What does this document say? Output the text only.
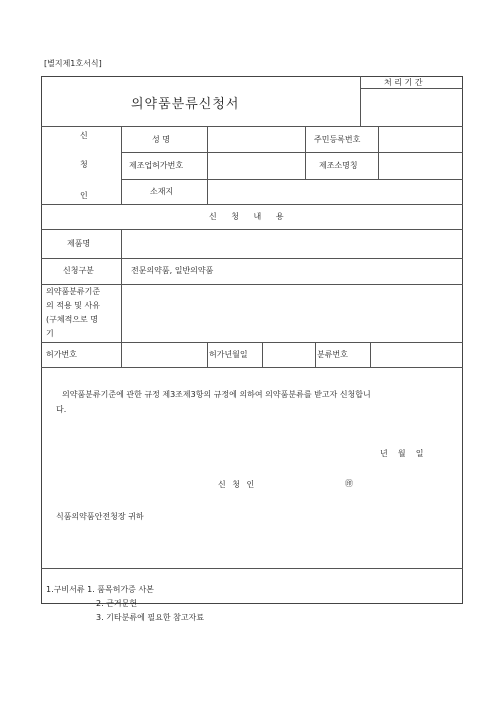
[별지제1호서식]
의약품분류신청서
처 리 기 간
신
청
인
성 명	주민등록번호
제조업허가번호	제조소명칭
소재지
신 청 내 용
제품명
신청구분	전문의약품, 일반의약품
의약품분류기준
의 적용 및 사유
(구체적으로 명
기
허가번호	허가년월일	분류번호
의약품분류기준에 관한 규정 제3조제3항의 규정에 의하여 의약품분류를 받고자 신청합니
다.
년    월    일
신 청 인	㊞
식품의약품안전청장 귀하
1.구비서류 1. 품목허가증 사본
2. 근거문헌
3. 기타분류에 필요한 참고자료
